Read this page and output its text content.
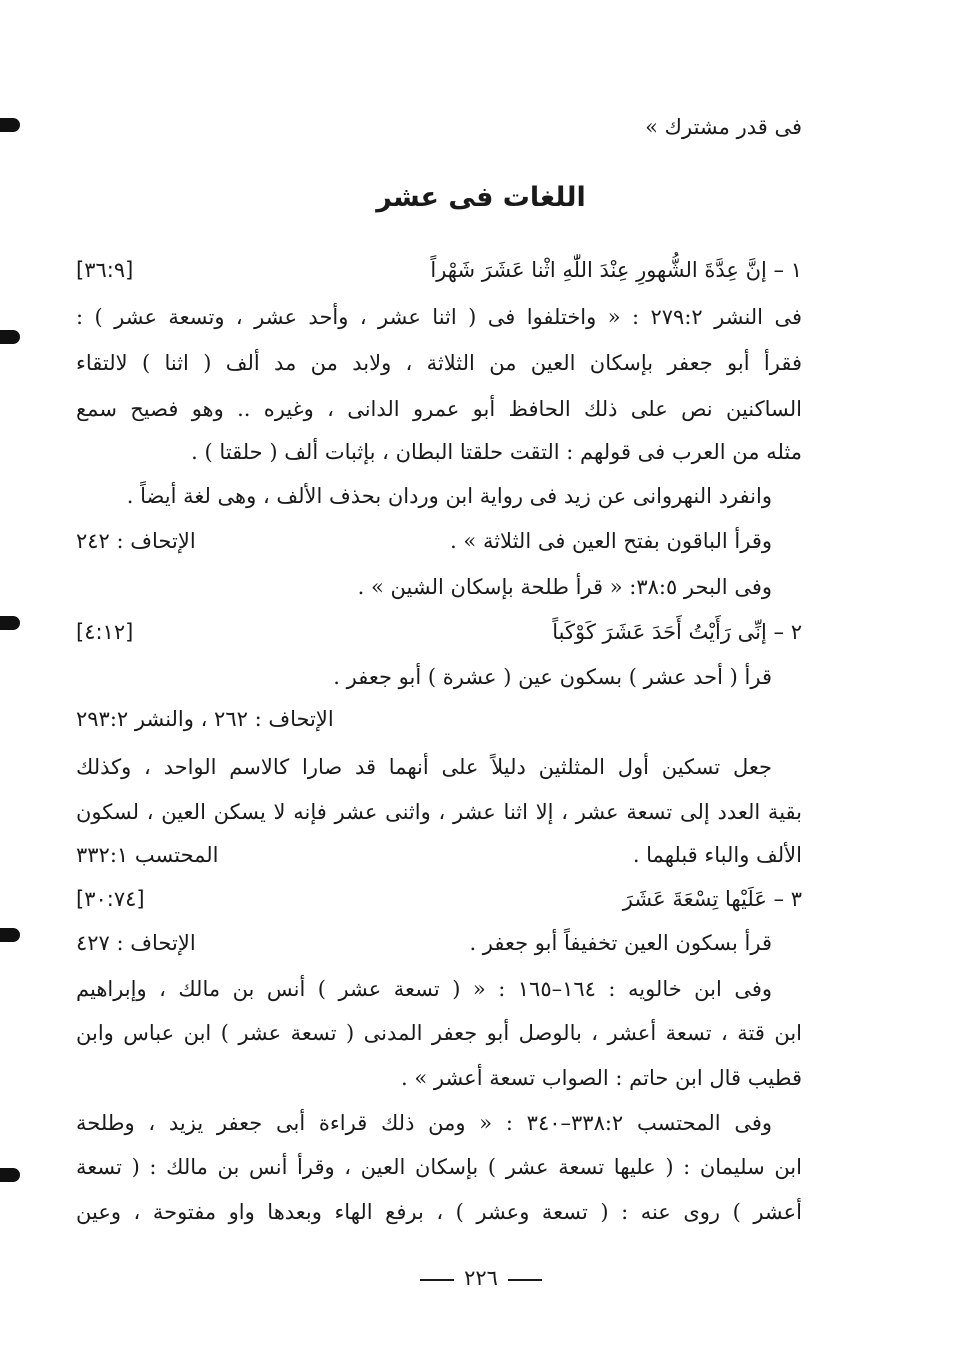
فى قدر مشترك »
اللغات فى عشر
١ – إنَّ عِدَّةَ الشُّهورِ عِنْدَ اللّٰهِ اثْنا عَشَرَ شَهْراً
[٣٦:٩]
فى النشر ٢٧٩:٢ : « واختلفوا فى ( اثنا عشر ، وأحد عشر ، وتسعة عشر ) :
فقرأ أبو جعفر بإسكان العين من الثلاثة ، ولابد من مد ألف ( اثنا ) لالتقاء
الساكنين نص على ذلك الحافظ أبو عمرو الدانى ، وغيره .. وهو فصيح سمع
مثله من العرب فى قولهم : التقت حلقتا البطان ، بإثبات ألف ( حلقتا ) .
وانفرد النهروانى عن زيد فى رواية ابن وردان بحذف الألف ، وهى لغة أيضاً .
وقرأ الباقون بفتح العين فى الثلاثة » .
الإتحاف : ٢٤٢
وفى البحر ٣٨:٥: « قرأ طلحة بإسكان الشين » .
٢ – إنِّى رَأَيْتُ أَحَدَ عَشَرَ كَوْكَباً
[٤:١٢]
قرأ ( أحد عشر ) بسكون عين ( عشرة ) أبو جعفر .
الإتحاف : ٢٦٢ ، والنشر ٢٩٣:٢
جعل تسكين أول المثلثين دليلاً على أنهما قد صارا كالاسم الواحد ، وكذلك
بقية العدد إلى تسعة عشر ، إلا اثنا عشر ، واثنى عشر فإنه لا يسكن العين ، لسكون
الألف والباء قبلهما .
المحتسب ٣٣٢:١
٣ – عَلَيْها تِسْعَةَ عَشَرَ
[٣٠:٧٤]
قرأ بسكون العين تخفيفاً أبو جعفر .
الإتحاف : ٤٢٧
وفى ابن خالويه : ١٦٤–١٦٥ : « ( تسعة عشر ) أنس بن مالك ، وإبراهيم
ابن قتة ، تسعة أعشر ، بالوصل أبو جعفر المدنى ( تسعة عشر ) ابن عباس وابن
قطيب قال ابن حاتم : الصواب تسعة أعشر » .
وفى المحتسب ٣٣٨:٢–٣٤٠ : « ومن ذلك قراءة أبى جعفر يزيد ، وطلحة
ابن سليمان : ( عليها تسعة عشر ) بإسكان العين ، وقرأ أنس بن مالك : ( تسعة
أعشر ) روى عنه : ( تسعة وعشر ) ، برفع الهاء وبعدها واو مفتوحة ، وعين
٢٢٦
